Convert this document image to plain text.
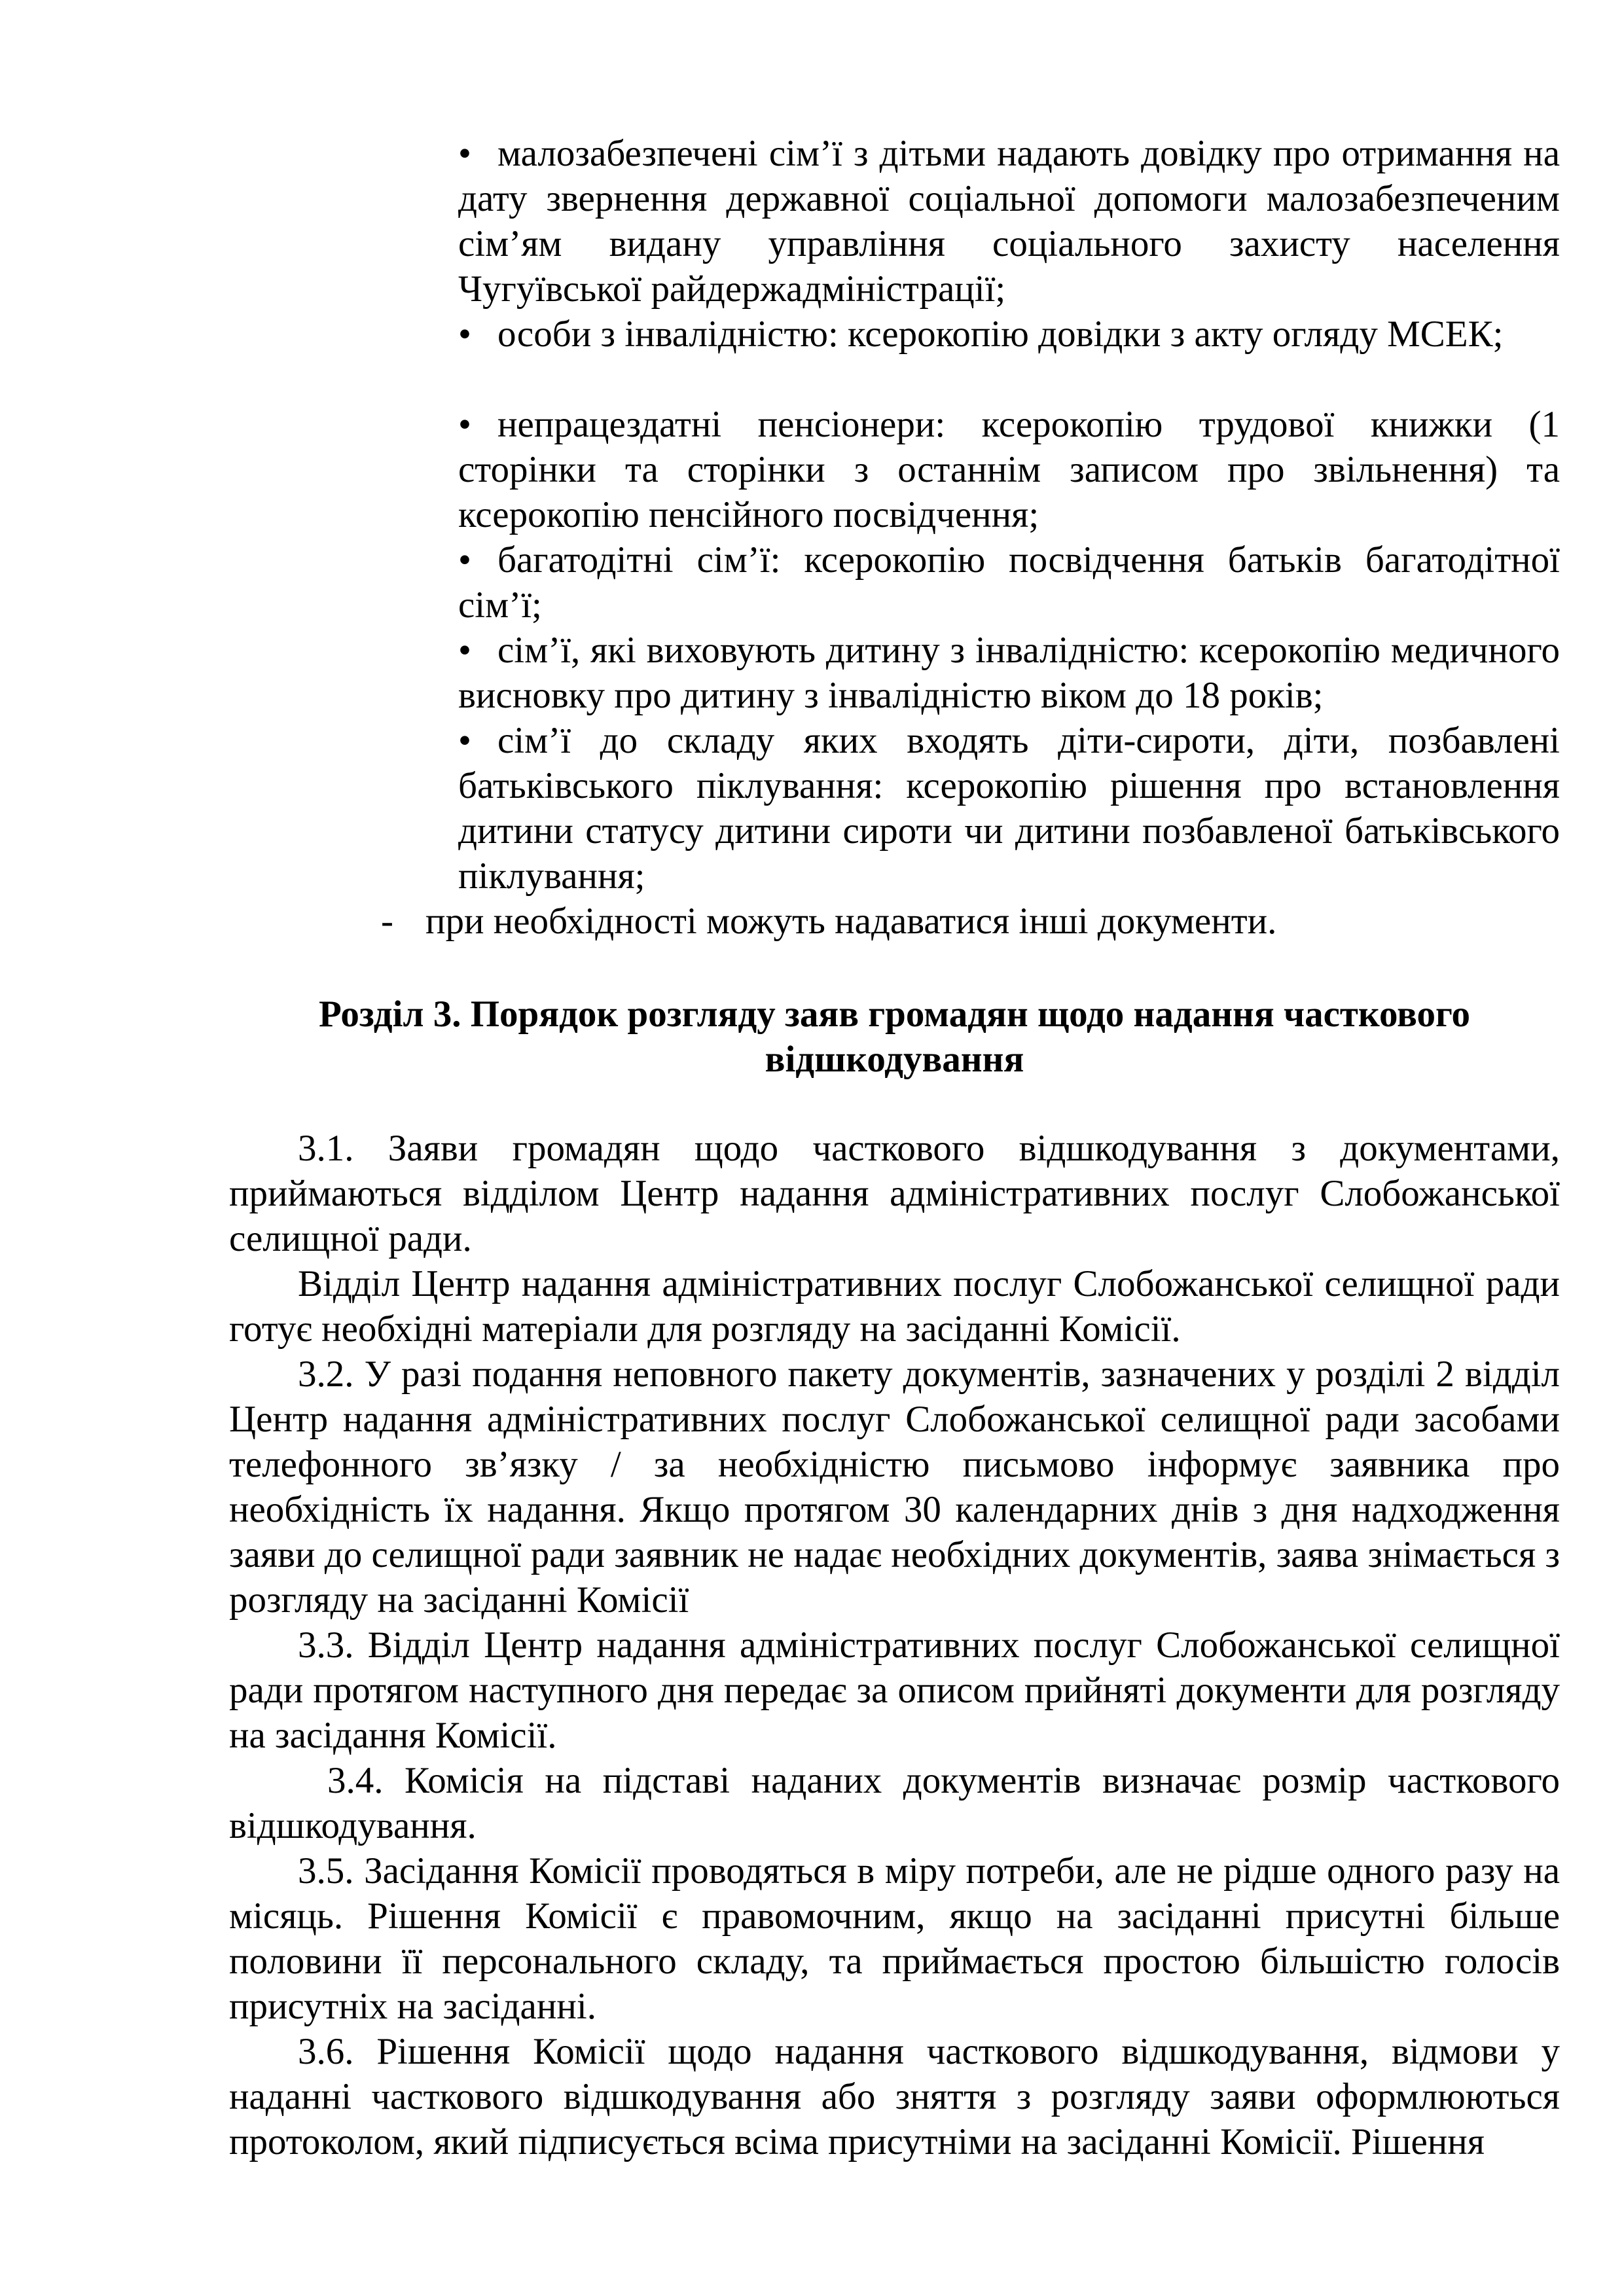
• малозабезпечені сім’ї з дітьми надають довідку про отримання на дату звернення державної соціальної допомоги малозабезпеченим сім’ям видану управління соціального захисту населення Чугуївської райдержадміністрації;

• особи з інвалідністю: ксерокопію довідки з акту огляду МСЕК;

• непрацездатні пенсіонери: ксерокопію трудової книжки (1 сторінки та сторінки з останнім записом про звільнення) та ксерокопію пенсійного посвідчення;

• багатодітні сім’ї: ксерокопію посвідчення батьків багатодітної сім’ї;

• сім’ї, які виховують дитину з інвалідністю: ксерокопію медичного висновку про дитину з інвалідністю віком до 18 років;

• сім’ї до складу яких входять діти-сироти, діти, позбавлені батьківського піклування: ксерокопію рішення про встановлення дитини статусу дитини сироти чи дитини позбавленої батьківського піклування;

- при необхідності можуть надаватися інші документи.

Розділ 3. Порядок розгляду заяв громадян щодо надання часткового
відшкодування

3.1. Заяви громадян щодо часткового відшкодування з документами, приймаються відділом Центр надання адміністративних послуг Слобожанської селищної ради.

Відділ Центр надання адміністративних послуг Слобожанської селищної ради готує необхідні матеріали для розгляду на засіданні Комісії.

3.2. У разі подання неповного пакету документів, зазначених у розділі 2 відділ Центр надання адміністративних послуг Слобожанської селищної ради засобами телефонного зв’язку / за необхідністю письмово інформує заявника про необхідність їх надання. Якщо протягом 30 календарних днів з дня надходження заяви до селищної ради заявник не надає необхідних документів, заява знімається з розгляду на засіданні Комісії

3.3. Відділ Центр надання адміністративних послуг Слобожанської селищної ради протягом наступного дня передає за описом прийняті документи для розгляду на засідання Комісії.

3.4. Комісія на підставі наданих документів визначає розмір часткового відшкодування.

3.5. Засідання Комісії проводяться в міру потреби, але не рідше одного разу на місяць. Рішення Комісії є правомочним, якщо на засіданні присутні більше половини її персонального складу, та приймається простою більшістю голосів присутніх на засіданні.

3.6. Рішення Комісії щодо надання часткового відшкодування, відмови у наданні часткового відшкодування або зняття з розгляду заяви оформлюються протоколом, який підписується всіма присутніми на засіданні Комісії. Рішення
